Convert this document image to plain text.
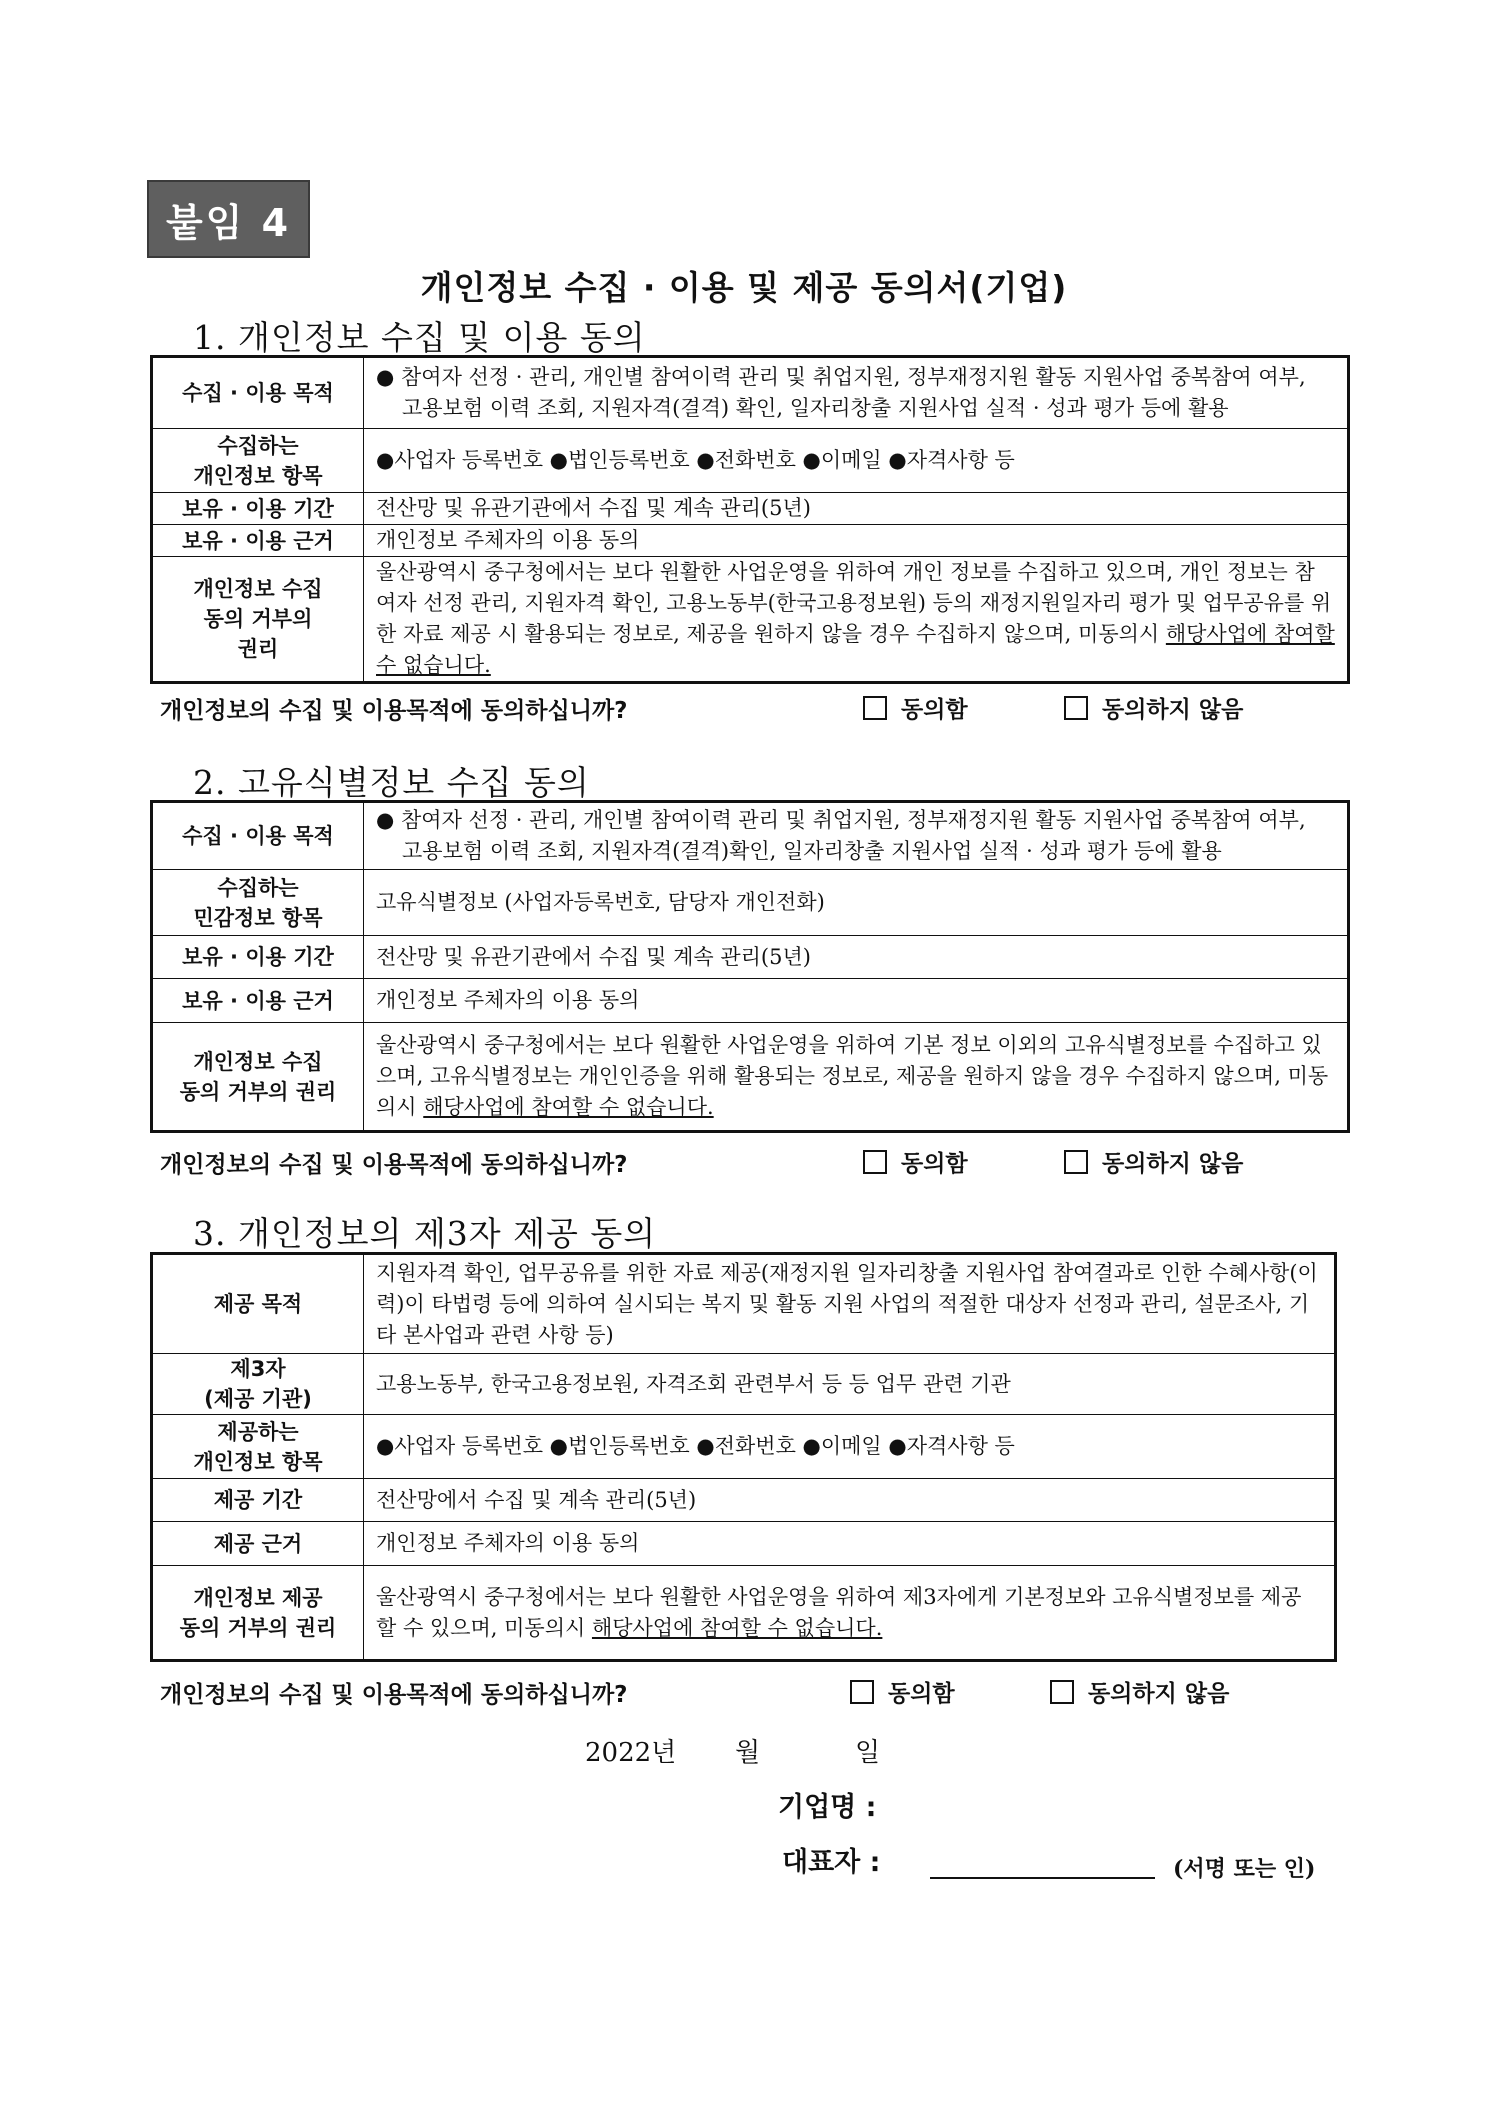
붙임 4
개인정보 수집 · 이용 및 제공 동의서(기업)
1. 개인정보 수집 및 이용 동의
수집 · 이용 목적	● 참여자 선정 · 관리, 개인별 참여이력 관리 및 취업지원, 정부재정지원 활동 지원사업 중복참여 여부,
고용보험 이력 조회, 지원자격(결격) 확인, 일자리창출 지원사업 실적 · 성과 평가 등에 활용

수집하는
개인정보 항목	●사업자 등록번호 ●법인등록번호 ●전화번호 ●이메일 ●자격사항 등
보유 · 이용 기간	전산망 및 유관기관에서 수집 및 계속 관리(5년)
보유 · 이용 근거	개인정보 주체자의 이용 동의

개인정보 수집
동의 거부의
권리	울산광역시 중구청에서는 보다 원활한 사업운영을 위하여 개인 정보를 수집하고 있으며, 개인 정보는 참여자 선정 관리, 지원자격 확인, 고용노동부(한국고용정보원) 등의 재정지원일자리 평가 및 업무공유를 위한 자료 제공 시 활용되는 정보로, 제공을 원하지 않을 경우 수집하지 않으며, 미동의시 해당사업에 참여할 수 없습니다.
개인정보의 수집 및 이용목적에 동의하십니까?	동의함	동의하지 않음
2. 고유식별정보 수집 동의
수집 · 이용 목적	● 참여자 선정 · 관리, 개인별 참여이력 관리 및 취업지원, 정부재정지원 활동 지원사업 중복참여 여부,
고용보험 이력 조회, 지원자격(결격)확인, 일자리창출 지원사업 실적 · 성과 평가 등에 활용

수집하는
민감정보 항목	고유식별정보 (사업자등록번호, 담당자 개인전화)
보유 · 이용 기간	전산망 및 유관기관에서 수집 및 계속 관리(5년)
보유 · 이용 근거	개인정보 주체자의 이용 동의

개인정보 수집
동의 거부의 권리	울산광역시 중구청에서는 보다 원활한 사업운영을 위하여 기본 정보 이외의 고유식별정보를 수집하고 있으며, 고유식별정보는 개인인증을 위해 활용되는 정보로, 제공을 원하지 않을 경우 수집하지 않으며, 미동의시 해당사업에 참여할 수 없습니다.
개인정보의 수집 및 이용목적에 동의하십니까?	동의함	동의하지 않음
3. 개인정보의 제3자 제공 동의
제공 목적	지원자격 확인, 업무공유를 위한 자료 제공(재정지원 일자리창출 지원사업 참여결과로 인한 수혜사항(이력)이 타법령 등에 의하여 실시되는 복지 및 활동 지원 사업의 적절한 대상자 선정과 관리, 설문조사, 기타 본사업과 관련 사항 등)

제3자
(제공 기관)	고용노동부, 한국고용정보원, 자격조회 관련부서 등 등 업무 관련 기관

제공하는
개인정보 항목	●사업자 등록번호 ●법인등록번호 ●전화번호 ●이메일 ●자격사항 등
제공 기간	전산망에서 수집 및 계속 관리(5년)
제공 근거	개인정보 주체자의 이용 동의

개인정보 제공
동의 거부의 권리	울산광역시 중구청에서는 보다 원활한 사업운영을 위하여 제3자에게 기본정보와 고유식별정보를 제공 할 수 있으며, 미동의시 해당사업에 참여할 수 없습니다.
개인정보의 수집 및 이용목적에 동의하십니까?	동의함	동의하지 않음
2022년 월	일
기업명 :
대표자 :	(서명 또는 인)
